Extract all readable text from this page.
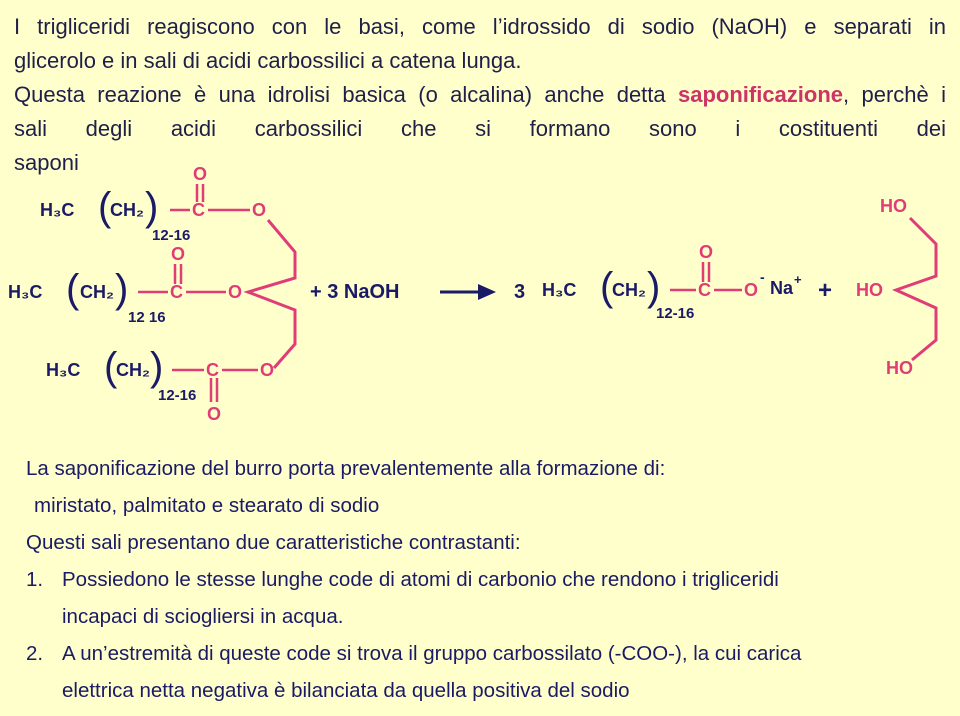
I trigliceridi reagiscono con le basi, come l’idrossido di sodio (NaOH) e separati in

glicerolo e in sali di acidi carbossilici a catena lunga.

Questa reazione è una idrolisi basica (o alcalina) anche detta saponificazione, perchè i

sali degli acidi carbossilici che si formano sono i costituenti dei

saponi

H₃C (
CH₂ )
12-16
C
O
O
H₃C ( CH₂ )
12 16
C
O
O
H₃C (
CH₂ )
12-16
C
O
O
+ 3 NaOH	3 H₃C (
CH₂ )
12-16
C
O
O
-
Na + +
HO
HO
HO

La saponificazione del burro porta prevalentemente alla formazione di:

miristato, palmitato e stearato di sodio

Questi sali presentano due caratteristiche contrastanti:

1. Possiedono le stesse lunghe code di atomi di carbonio che rendono i trigliceridi

incapaci di sciogliersi in acqua.

2. A un’estremità di queste code si trova il gruppo carbossilato (-COO-), la cui carica

elettrica netta negativa è bilanciata da quella positiva del sodio
